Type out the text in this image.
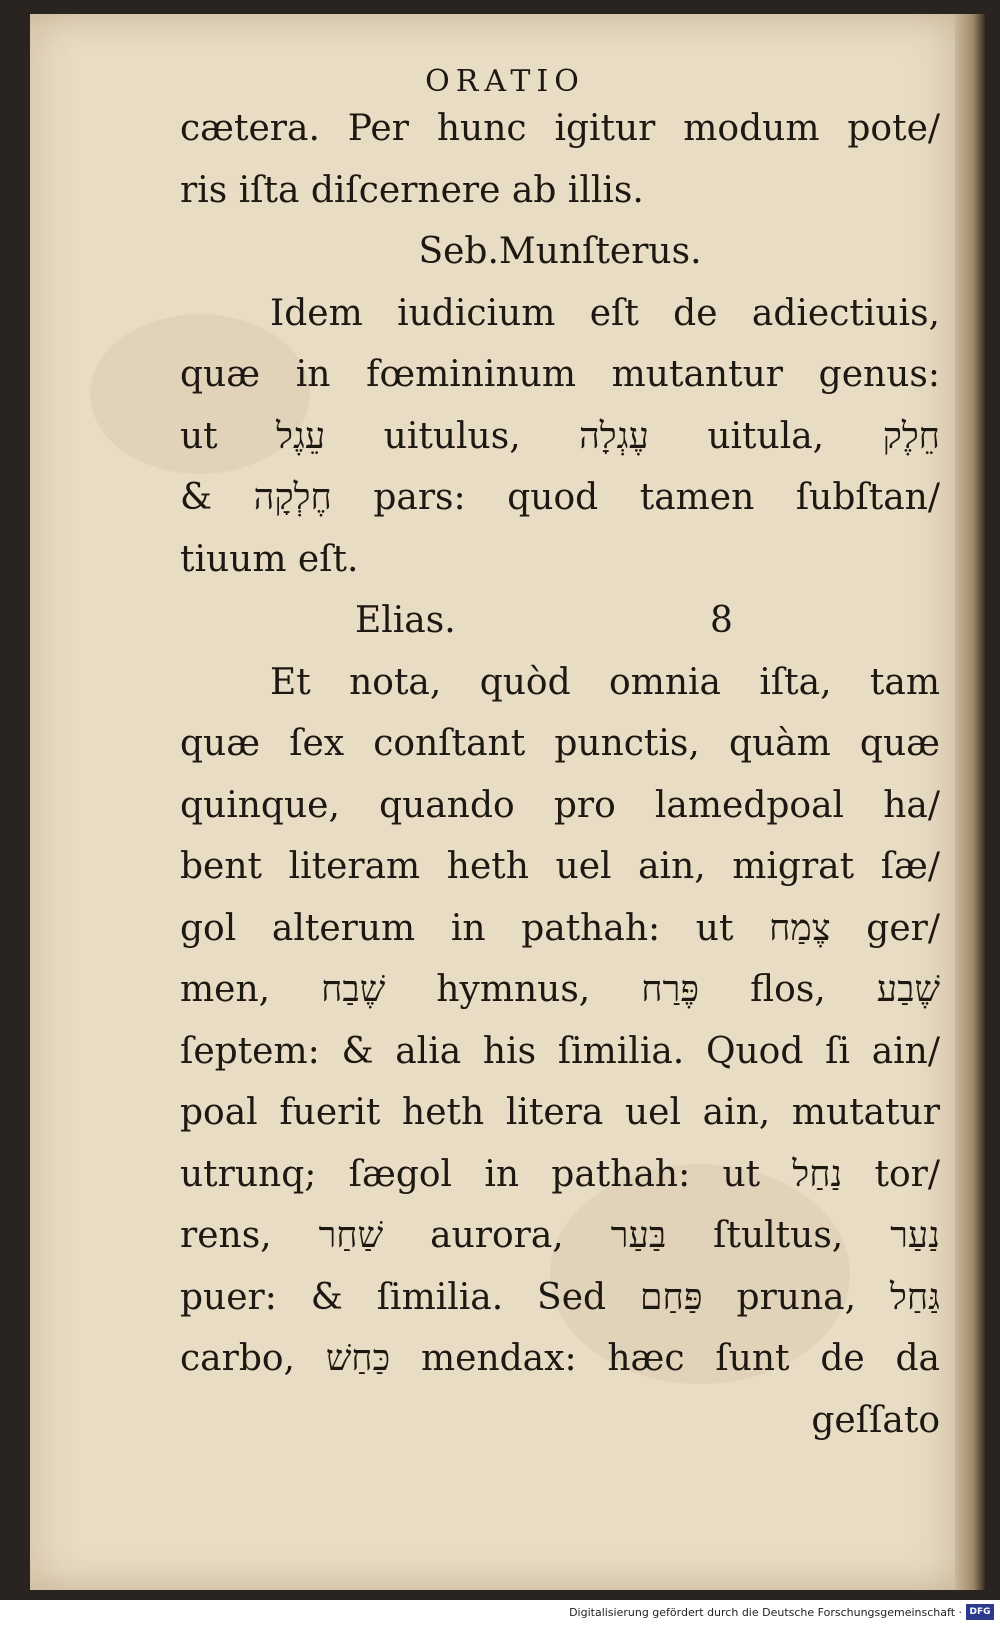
ORATIO
cætera. Per hunc igitur modum pote/
ris iſta diſcernere ab illis.
Seb.Munſterus.
Idem iudicium eſt de adiectiuis,
quæ in fœmininum mutantur genus:
ut עֵגֶל uitulus, עֶגְלָה uitula, חֵלֶק
& חֶלְקָה pars: quod tamen ſubſtan/
tiuum eſt.
Elias.	8
Et nota, quòd omnia iſta, tam
quæ ſex conſtant punctis, quàm quæ
quinque, quando pro lamedpoal ha/
bent literam heth uel ain, migrat ſæ/
gol alterum in pathah: ut צֶמַח ger/
men, שֶׁבַח hymnus, פֶּרַח flos, שֶׁבַע
ſeptem: & alia his ſimilia. Quod ſi ain/
poal fuerit heth litera uel ain, mutatur
utrunq; ſægol in pathah: ut נַחַל tor/
rens, שַׁחַר aurora, בַּעַר ſtultus, נַעַר
puer: & ſimilia. Sed פַּחַם pruna, גַּחַל
carbo, כַּחַשׁ mendax: hæc ſunt de da
geſſato
Digitalisierung gefördert durch die Deutsche Forschungsgemeinschaft · DFG
